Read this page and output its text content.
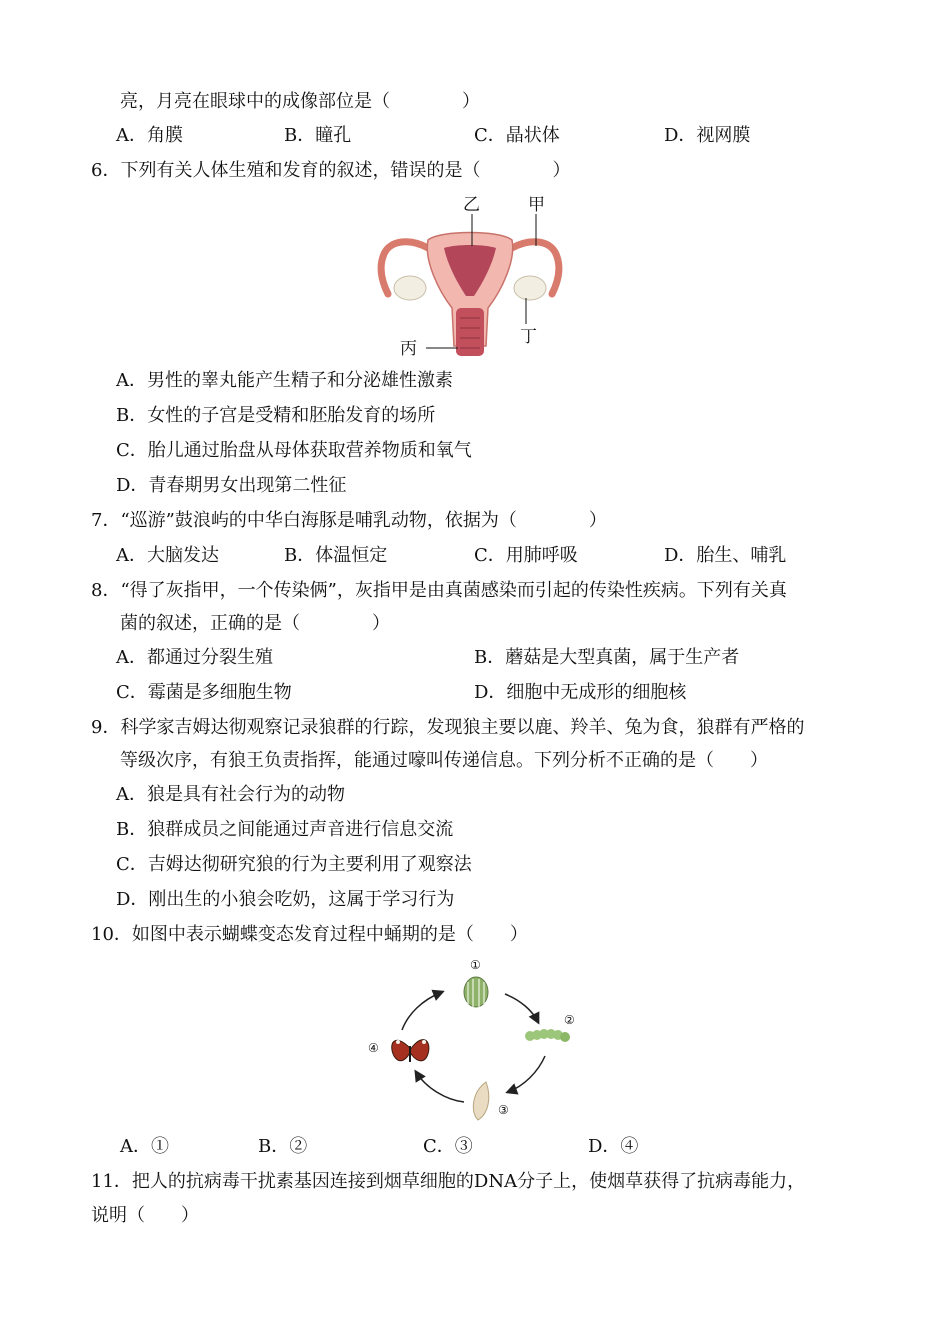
亮，月亮在眼球中的成像部位是（　　　　）
A．角膜	B．瞳孔	C．晶状体	D．视网膜
6．下列有关人体生殖和发育的叙述，错误的是（　　　　）
乙	甲
丁
丙
A．男性的睾丸能产生精子和分泌雄性激素
B．女性的子宫是受精和胚胎发育的场所
C．胎儿通过胎盘从母体获取营养物质和氧气
D．青春期男女出现第二性征
7．“巡游”鼓浪屿的中华白海豚是哺乳动物，依据为（　　　　）
A．大脑发达	B．体温恒定	C．用肺呼吸	D．胎生、哺乳
8．“得了灰指甲，一个传染俩”，灰指甲是由真菌感染而引起的传染性疾病。下列有关真
菌的叙述，正确的是（　　　　）
A．都通过分裂生殖	B．蘑菇是大型真菌，属于生产者
C．霉菌是多细胞生物	D．细胞中无成形的细胞核
9．科学家吉姆达彻观察记录狼群的行踪，发现狼主要以鹿、羚羊、兔为食，狼群有严格的
等级次序，有狼王负责指挥，能通过嚎叫传递信息。下列分析不正确的是（　　）
A．狼是具有社会行为的动物
B．狼群成员之间能通过声音进行信息交流
C．吉姆达彻研究狼的行为主要利用了观察法
D．刚出生的小狼会吃奶，这属于学习行为
10．如图中表示蝴蝶变态发育过程中蛹期的是（　　）
①
②
③
④
A．①	B．②	C．③	D．④
11．把人的抗病毒干扰素基因连接到烟草细胞的DNA分子上，使烟草获得了抗病毒能力，
说明（　　）
